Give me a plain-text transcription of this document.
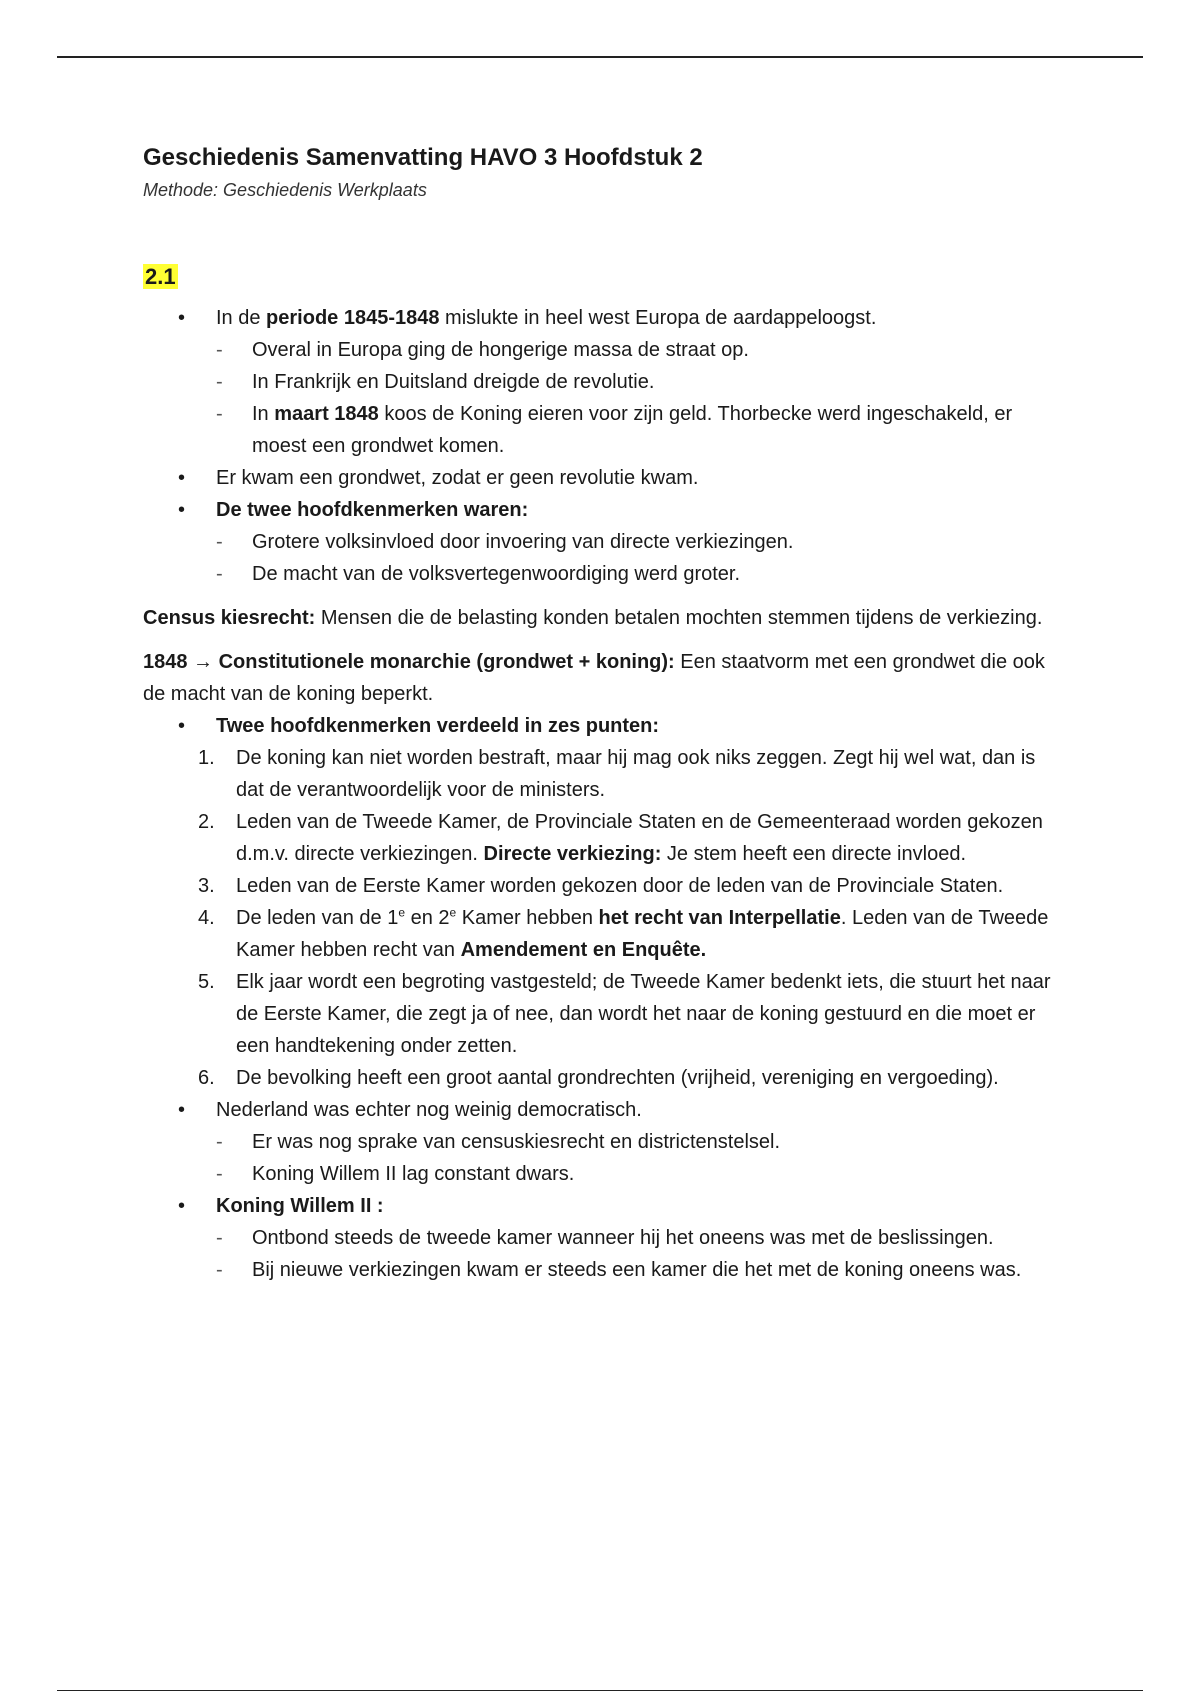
Geschiedenis Samenvatting HAVO 3 Hoofdstuk 2

Methode: Geschiedenis Werkplaats

2.1
• In de periode 1845-1848 mislukte in heel west Europa de aardappeloogst.
- Overal in Europa ging de hongerige massa de straat op.
- In Frankrijk en Duitsland dreigde de revolutie.
- In maart 1848 koos de Koning eieren voor zijn geld. Thorbecke werd ingeschakeld, er moest een grondwet komen.
• Er kwam een grondwet, zodat er geen revolutie kwam.
• De twee hoofdkenmerken waren:
- Grotere volksinvloed door invoering van directe verkiezingen.
- De macht van de volksvertegenwoordiging werd groter.

Census kiesrecht: Mensen die de belasting konden betalen mochten stemmen tijdens de verkiezing.

1848 → Constitutionele monarchie (grondwet + koning): Een staatvorm met een grondwet die ook de macht van de koning beperkt.

• Twee hoofdkenmerken verdeeld in zes punten:
1. De koning kan niet worden bestraft, maar hij mag ook niks zeggen. Zegt hij wel wat, dan is dat de verantwoordelijk voor de ministers.
2. Leden van de Tweede Kamer, de Provinciale Staten en de Gemeenteraad worden gekozen d.m.v. directe verkiezingen. Directe verkiezing: Je stem heeft een directe invloed.
3. Leden van de Eerste Kamer worden gekozen door de leden van de Provinciale Staten.
4. De leden van de 1e en 2e Kamer hebben het recht van Interpellatie. Leden van de Tweede Kamer hebben recht van Amendement en Enquête.
5. Elk jaar wordt een begroting vastgesteld; de Tweede Kamer bedenkt iets, die stuurt het naar de Eerste Kamer, die zegt ja of nee, dan wordt het naar de koning gestuurd en die moet er een handtekening onder zetten.
6. De bevolking heeft een groot aantal grondrechten (vrijheid, vereniging en vergoeding).
• Nederland was echter nog weinig democratisch.
- Er was nog sprake van censuskiesrecht en districtenstelsel.
- Koning Willem II lag constant dwars.
• Koning Willem II :
- Ontbond steeds de tweede kamer wanneer hij het oneens was met de beslissingen.
- Bij nieuwe verkiezingen kwam er steeds een kamer die het met de koning oneens was.
